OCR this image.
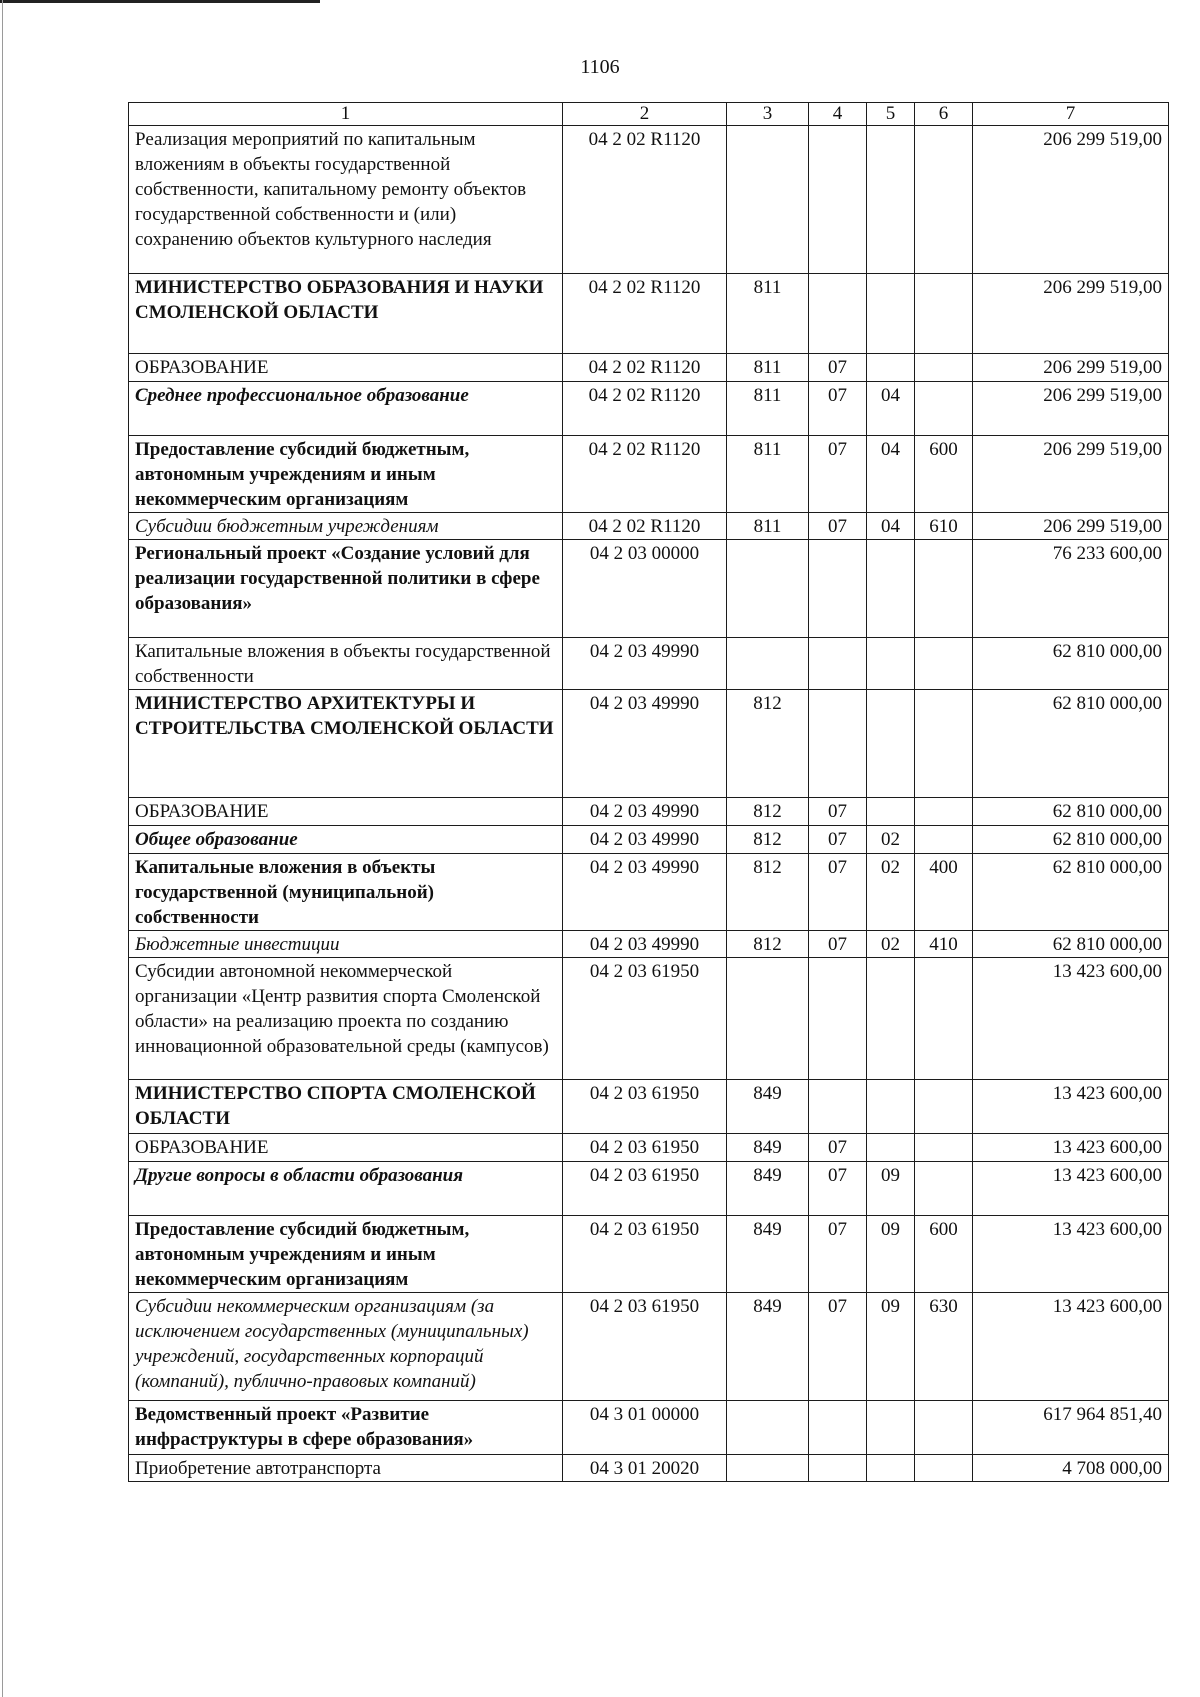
1106
1	2	3	4	5	6	7
Реализация мероприятий по капитальным вложениям в объекты государственной собственности, капитальному ремонту объектов государственной собственности и (или) сохранению объектов культурного наследия	04 2 02 R1120					206 299 519,00
МИНИСТЕРСТВО ОБРАЗОВАНИЯ И НАУКИ СМОЛЕНСКОЙ ОБЛАСТИ	04 2 02 R1120	811				206 299 519,00
ОБРАЗОВАНИЕ	04 2 02 R1120	811	07			206 299 519,00
Среднее профессиональное образование	04 2 02 R1120	811	07	04		206 299 519,00
Предоставление субсидий бюджетным, автономным учреждениям и иным некоммерческим организациям	04 2 02 R1120	811	07	04	600	206 299 519,00
Субсидии бюджетным учреждениям	04 2 02 R1120	811	07	04	610	206 299 519,00
Региональный проект «Создание условий для реализации государственной политики в сфере образования»	04 2 03 00000					76 233 600,00
Капитальные вложения в объекты государственной собственности	04 2 03 49990					62 810 000,00
МИНИСТЕРСТВО АРХИТЕКТУРЫ И СТРОИТЕЛЬСТВА СМОЛЕНСКОЙ ОБЛАСТИ	04 2 03 49990	812				62 810 000,00
ОБРАЗОВАНИЕ	04 2 03 49990	812	07			62 810 000,00
Общее образование	04 2 03 49990	812	07	02		62 810 000,00
Капитальные вложения в объекты государственной (муниципальной) собственности	04 2 03 49990	812	07	02	400	62 810 000,00
Бюджетные инвестиции	04 2 03 49990	812	07	02	410	62 810 000,00
Субсидии автономной некоммерческой организации «Центр развития спорта Смоленской области» на реализацию проекта по созданию инновационной образовательной среды (кампусов)	04 2 03 61950					13 423 600,00
МИНИСТЕРСТВО СПОРТА СМОЛЕНСКОЙ ОБЛАСТИ	04 2 03 61950	849				13 423 600,00
ОБРАЗОВАНИЕ	04 2 03 61950	849	07			13 423 600,00
Другие вопросы в области образования	04 2 03 61950	849	07	09		13 423 600,00
Предоставление субсидий бюджетным, автономным учреждениям и иным некоммерческим организациям	04 2 03 61950	849	07	09	600	13 423 600,00
Субсидии некоммерческим организациям (за исключением государственных (муниципальных) учреждений, государственных корпораций (компаний), публично-правовых компаний)	04 2 03 61950	849	07	09	630	13 423 600,00
Ведомственный проект «Развитие инфраструктуры в сфере образования»	04 3 01 00000					617 964 851,40
Приобретение автотранспорта	04 3 01 20020					4 708 000,00
